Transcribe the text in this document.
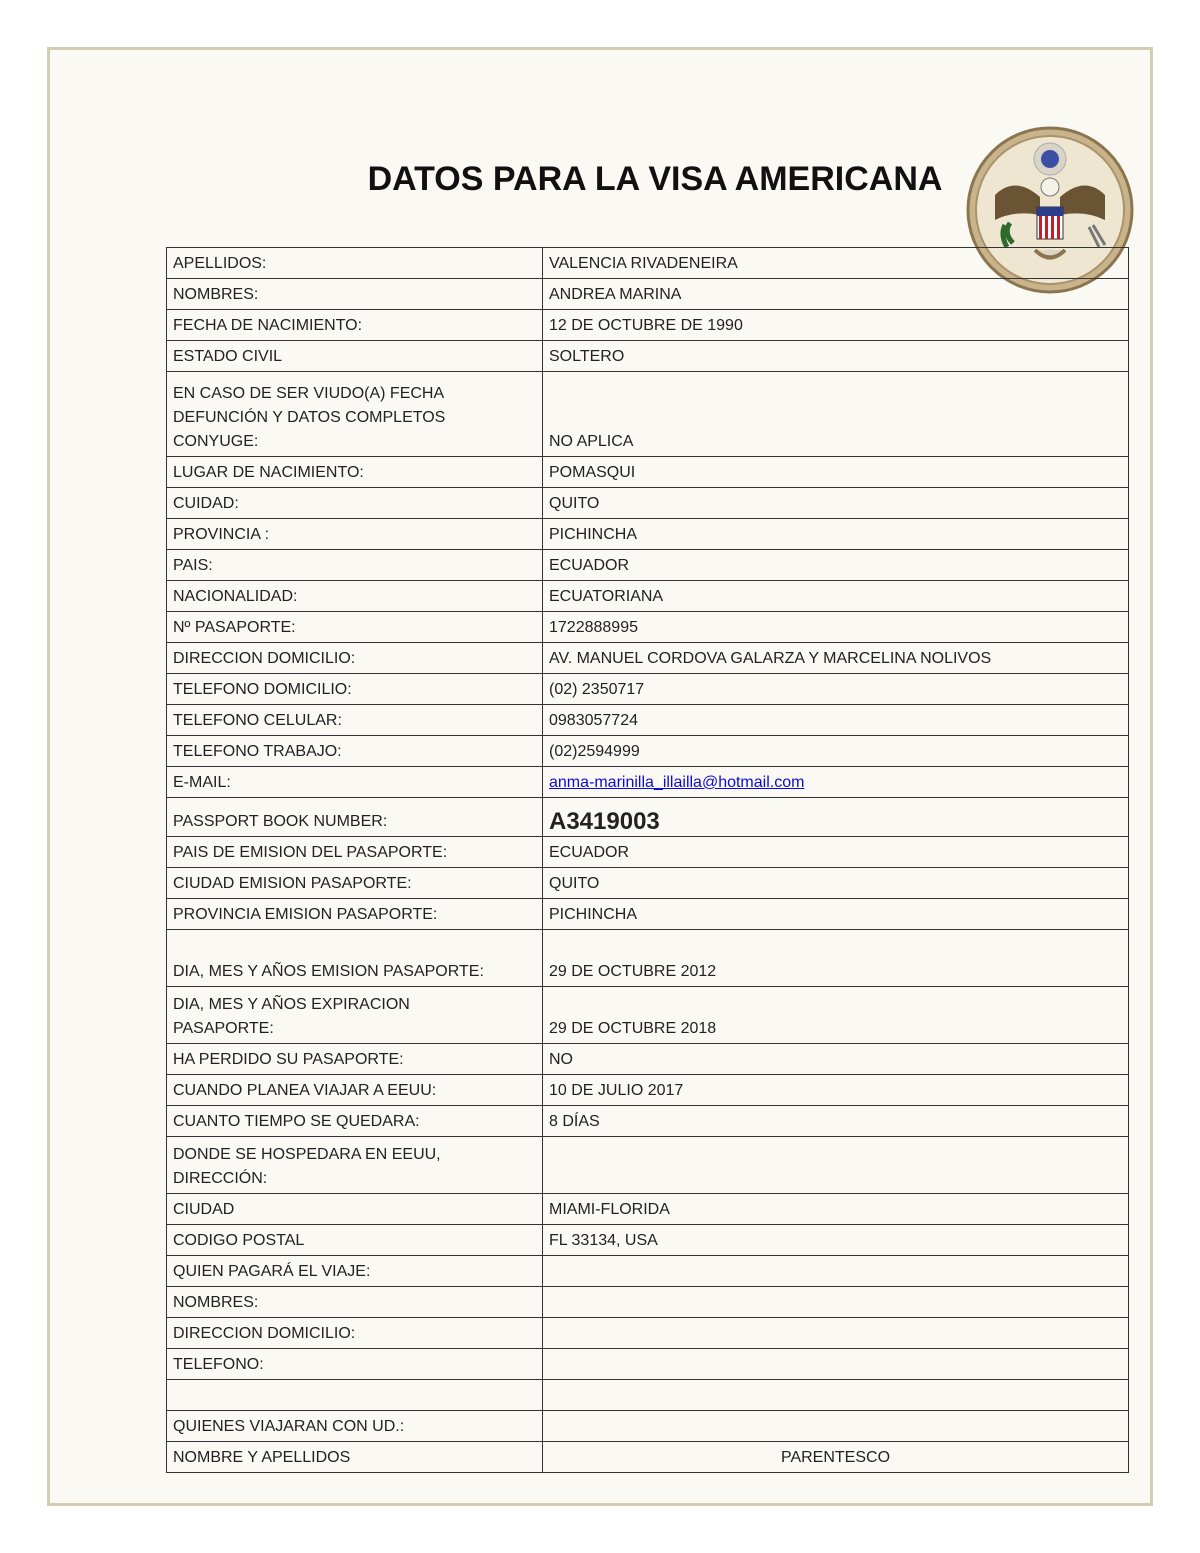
DATOS PARA LA VISA AMERICANA
APELLIDOS:	VALENCIA RIVADENEIRA
NOMBRES:	ANDREA MARINA
FECHA DE NACIMIENTO:	12 DE OCTUBRE DE 1990
ESTADO CIVIL	SOLTERO
EN CASO DE SER VIUDO(A) FECHA DEFUNCIÓN Y DATOS COMPLETOS CONYUGE:	NO APLICA
LUGAR DE NACIMIENTO:	POMASQUI
CUIDAD:	QUITO
PROVINCIA :	PICHINCHA
PAIS:	ECUADOR
NACIONALIDAD:	ECUATORIANA
Nº PASAPORTE:	1722888995
DIRECCION DOMICILIO:	AV. MANUEL CORDOVA GALARZA Y MARCELINA NOLIVOS
TELEFONO DOMICILIO:	(02) 2350717
TELEFONO CELULAR:	0983057724
TELEFONO TRABAJO:	(02)2594999
E-MAIL:	anma-marinilla_illailla@hotmail.com
PASSPORT BOOK NUMBER:	A3419003
PAIS DE EMISION DEL PASAPORTE:	ECUADOR
CIUDAD EMISION PASAPORTE:	QUITO
PROVINCIA EMISION PASAPORTE:	PICHINCHA
DIA, MES Y AÑOS EMISION PASAPORTE:	29 DE OCTUBRE 2012
DIA, MES Y AÑOS EXPIRACION PASAPORTE:	29 DE OCTUBRE 2018
HA PERDIDO SU PASAPORTE:	NO
CUANDO PLANEA VIAJAR A EEUU:	10 DE JULIO 2017
CUANTO TIEMPO SE QUEDARA:	8 DÍAS
DONDE SE HOSPEDARA EN EEUU, DIRECCIÓN:	
CIUDAD	MIAMI-FLORIDA
CODIGO POSTAL	FL 33134, USA
QUIEN PAGARÁ EL VIAJE:	
NOMBRES:	
DIRECCION DOMICILIO:	
TELEFONO:	

QUIENES VIAJARAN CON UD.:	
NOMBRE Y APELLIDOS	PARENTESCO
